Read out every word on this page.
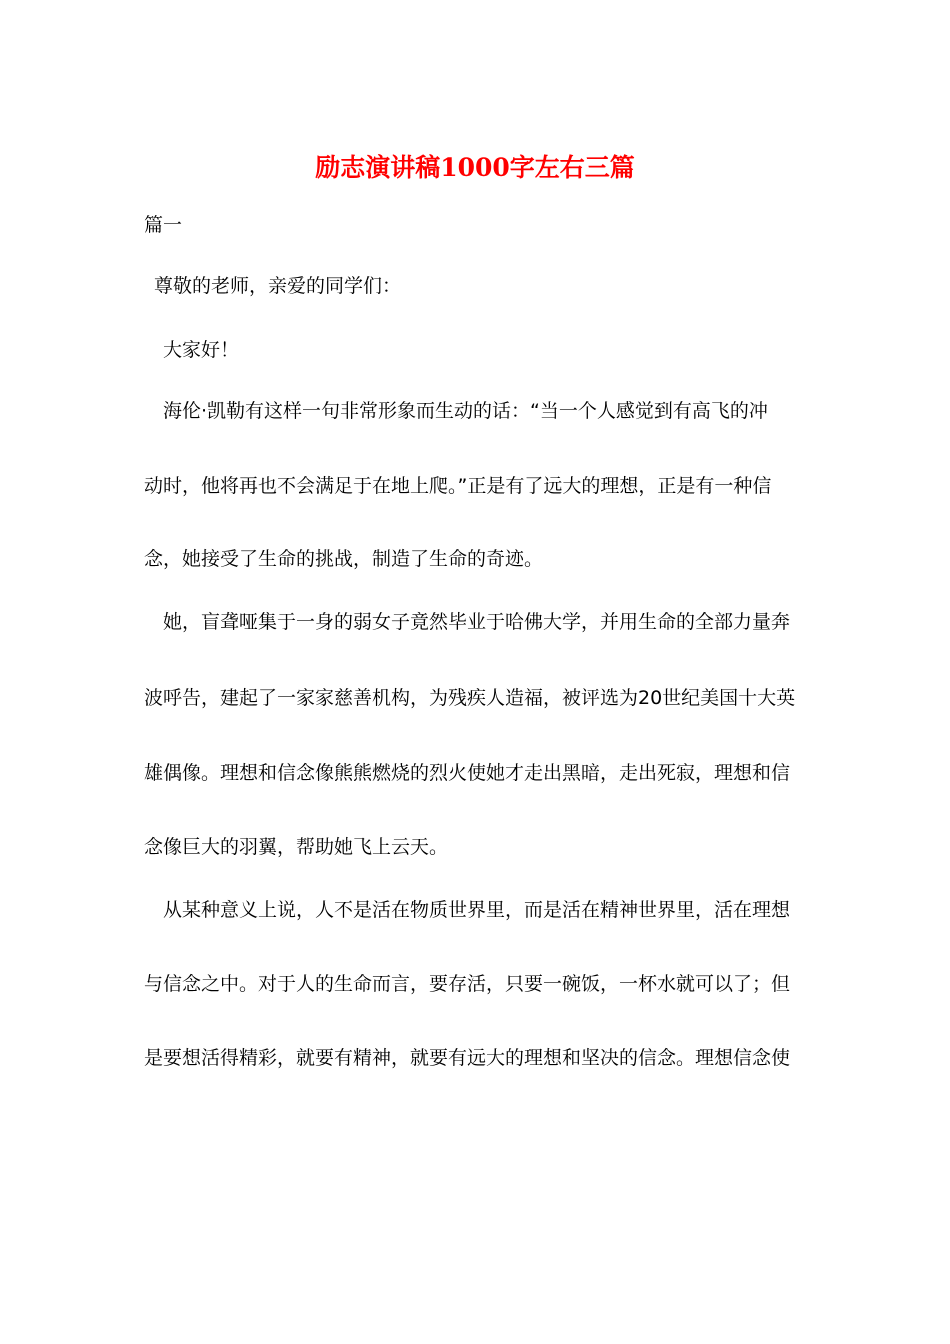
励志演讲稿1000字左右三篇
篇一
尊敬的老师，亲爱的同学们：
大家好！
海伦·凯勒有这样一句非常形象而生动的话：“当一个人感觉到有高飞的冲
动时，他将再也不会满足于在地上爬。”正是有了远大的理想，正是有一种信
念，她接受了生命的挑战，制造了生命的奇迹。
她，盲聋哑集于一身的弱女子竟然毕业于哈佛大学，并用生命的全部力量奔
波呼告，建起了一家家慈善机构，为残疾人造福，被评选为20世纪美国十大英
雄偶像。理想和信念像熊熊燃烧的烈火使她才走出黑暗，走出死寂，理想和信
念像巨大的羽翼，帮助她飞上云天。
从某种意义上说，人不是活在物质世界里，而是活在精神世界里，活在理想
与信念之中。对于人的生命而言，要存活，只要一碗饭，一杯水就可以了；但
是要想活得精彩，就要有精神，就要有远大的理想和坚决的信念。理想信念使
